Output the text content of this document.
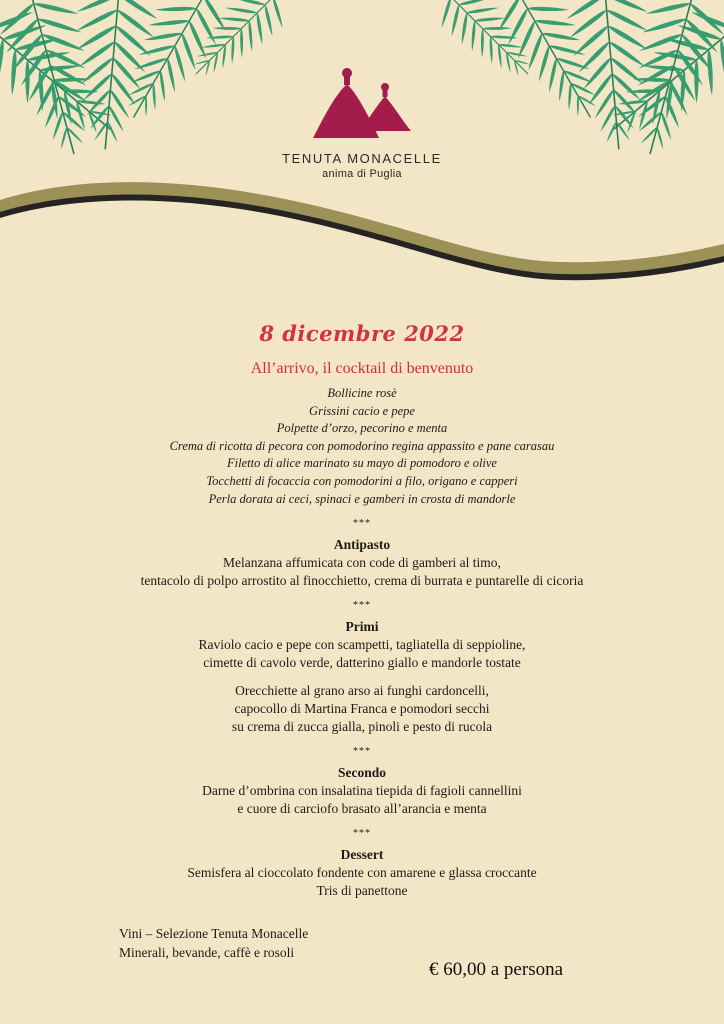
TENUTA MONACELLE
anima di Puglia
8 dicembre 2022
All’arrivo, il cocktail di benvenuto
Bollicine rosè
Grissini cacio e pepe
Polpette d’orzo, pecorino e menta
Crema di ricotta di pecora con pomodorino regina appassito e pane carasau
Filetto di alice marinato su mayo di pomodoro e olive
Tocchetti di focaccia con pomodorini a filo, origano e capperi
Perla dorata ai ceci, spinaci e gamberi in crosta di mandorle
***
Antipasto
Melanzana affumicata con code di gamberi al timo,
tentacolo di polpo arrostito al finocchietto, crema di burrata e puntarelle di cicoria
***
Primi
Raviolo cacio e pepe con scampetti, tagliatella di seppioline,
cimette di cavolo verde, datterino giallo e mandorle tostate
Orecchiette al grano arso ai funghi cardoncelli,
capocollo di Martina Franca e pomodori secchi
su crema di zucca gialla, pinoli e pesto di rucola
***
Secondo
Darne d’ombrina con insalatina tiepida di fagioli cannellini
e cuore di carciofo brasato all’arancia e menta
***
Dessert
Semisfera al cioccolato fondente con amarene e glassa croccante
Tris di panettone
Vini – Selezione Tenuta Monacelle
Minerali, bevande, caffè e rosoli
€ 60,00 a persona
